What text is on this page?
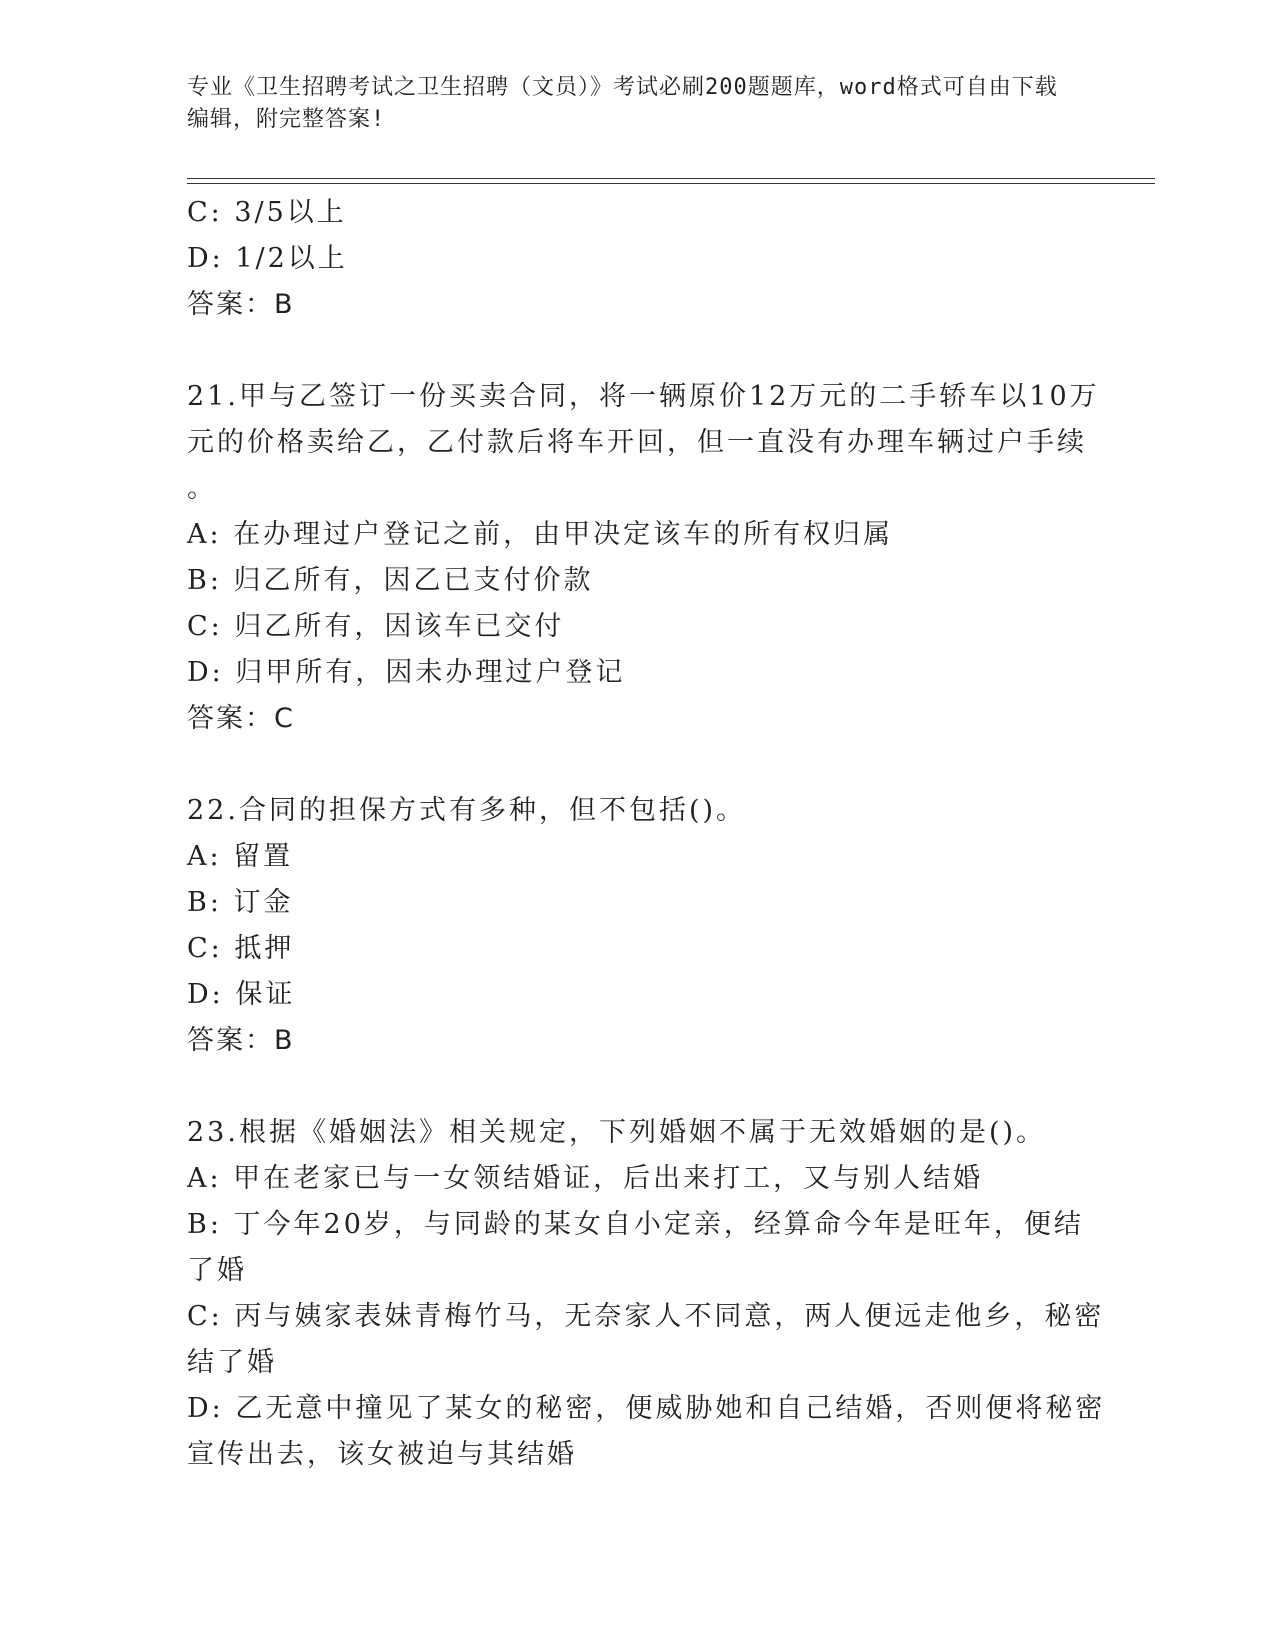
专业《卫生招聘考试之卫生招聘（文员）》考试必刷200题题库，word格式可自由下载编辑，附完整答案!
C: 3/5以上
D: 1/2以上
答案：B
21.甲与乙签订一份买卖合同，将一辆原价12万元的二手轿车以10万
元的价格卖给乙，乙付款后将车开回，但一直没有办理车辆过户手续
。
A: 在办理过户登记之前，由甲决定该车的所有权归属
B: 归乙所有，因乙已支付价款
C: 归乙所有，因该车已交付
D: 归甲所有，因未办理过户登记
答案：C
22.合同的担保方式有多种，但不包括()。
A: 留置
B: 订金
C: 抵押
D: 保证
答案：B
23.根据《婚姻法》相关规定，下列婚姻不属于无效婚姻的是()。
A: 甲在老家已与一女领结婚证，后出来打工，又与别人结婚
B: 丁今年20岁，与同龄的某女自小定亲，经算命今年是旺年，便结
了婚
C: 丙与姨家表妹青梅竹马，无奈家人不同意，两人便远走他乡，秘密
结了婚
D: 乙无意中撞见了某女的秘密，便威胁她和自己结婚，否则便将秘密
宣传出去，该女被迫与其结婚
